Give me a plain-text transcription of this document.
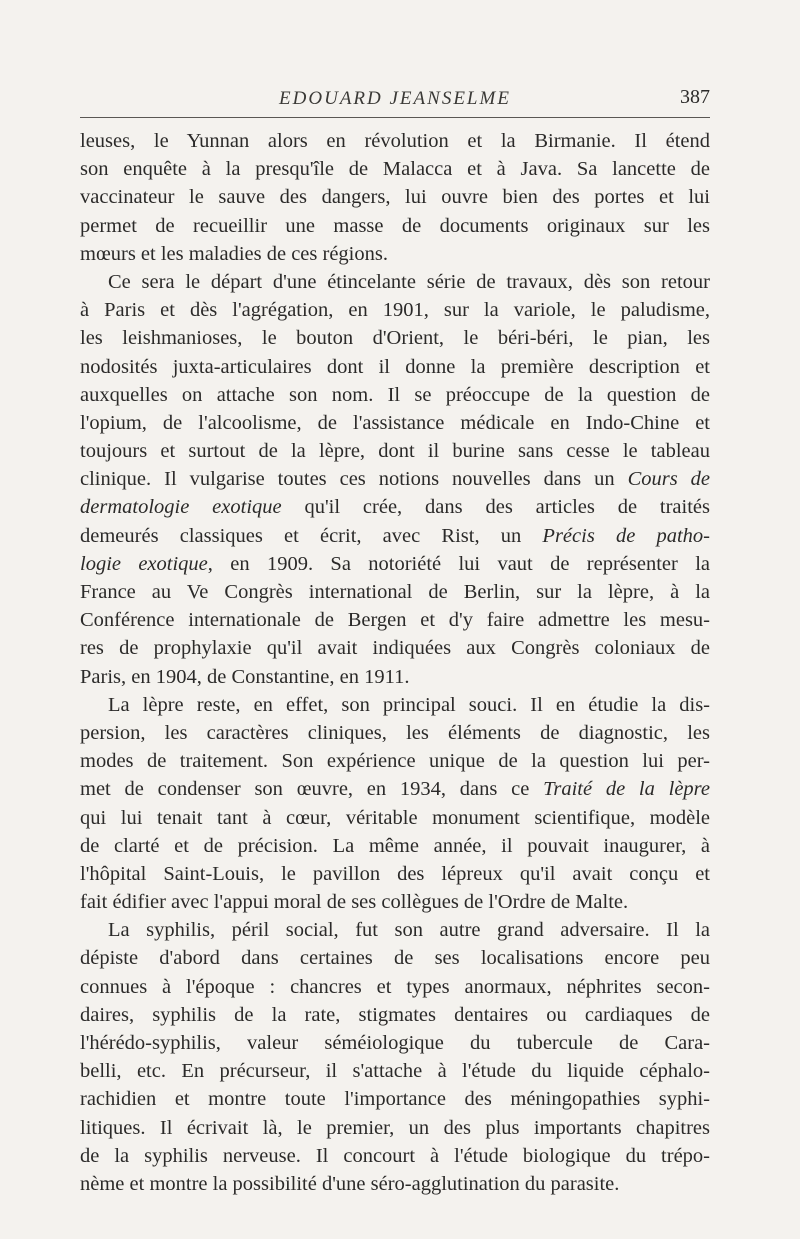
EDOUARD JEANSELME	387
leuses, le Yunnan alors en révolution et la Birmanie. Il étend
son enquête à la presqu'île de Malacca et à Java. Sa lancette de
vaccinateur le sauve des dangers, lui ouvre bien des portes et lui
permet de recueillir une masse de documents originaux sur les
mœurs et les maladies de ces régions.
Ce sera le départ d'une étincelante série de travaux, dès son retour
à Paris et dès l'agrégation, en 1901, sur la variole, le paludisme,
les leishmanioses, le bouton d'Orient, le béri-béri, le pian, les
nodosités juxta-articulaires dont il donne la première description et
auxquelles on attache son nom. Il se préoccupe de la question de
l'opium, de l'alcoolisme, de l'assistance médicale en Indo-Chine et
toujours et surtout de la lèpre, dont il burine sans cesse le tableau
clinique. Il vulgarise toutes ces notions nouvelles dans un Cours de
dermatologie exotique qu'il crée, dans des articles de traités
demeurés classiques et écrit, avec Rist, un Précis de patho-
logie exotique, en 1909. Sa notoriété lui vaut de représenter la
France au Ve Congrès international de Berlin, sur la lèpre, à la
Conférence internationale de Bergen et d'y faire admettre les mesu-
res de prophylaxie qu'il avait indiquées aux Congrès coloniaux de
Paris, en 1904, de Constantine, en 1911.
La lèpre reste, en effet, son principal souci. Il en étudie la dis-
persion, les caractères cliniques, les éléments de diagnostic, les
modes de traitement. Son expérience unique de la question lui per-
met de condenser son œuvre, en 1934, dans ce Traité de la lèpre
qui lui tenait tant à cœur, véritable monument scientifique, modèle
de clarté et de précision. La même année, il pouvait inaugurer, à
l'hôpital Saint-Louis, le pavillon des lépreux qu'il avait conçu et
fait édifier avec l'appui moral de ses collègues de l'Ordre de Malte.
La syphilis, péril social, fut son autre grand adversaire. Il la
dépiste d'abord dans certaines de ses localisations encore peu
connues à l'époque : chancres et types anormaux, néphrites secon-
daires, syphilis de la rate, stigmates dentaires ou cardiaques de
l'hérédo-syphilis, valeur séméiologique du tubercule de Cara-
belli, etc. En précurseur, il s'attache à l'étude du liquide céphalo-
rachidien et montre toute l'importance des méningopathies syphi-
litiques. Il écrivait là, le premier, un des plus importants chapitres
de la syphilis nerveuse. Il concourt à l'étude biologique du trépo-
nème et montre la possibilité d'une séro-agglutination du parasite.
